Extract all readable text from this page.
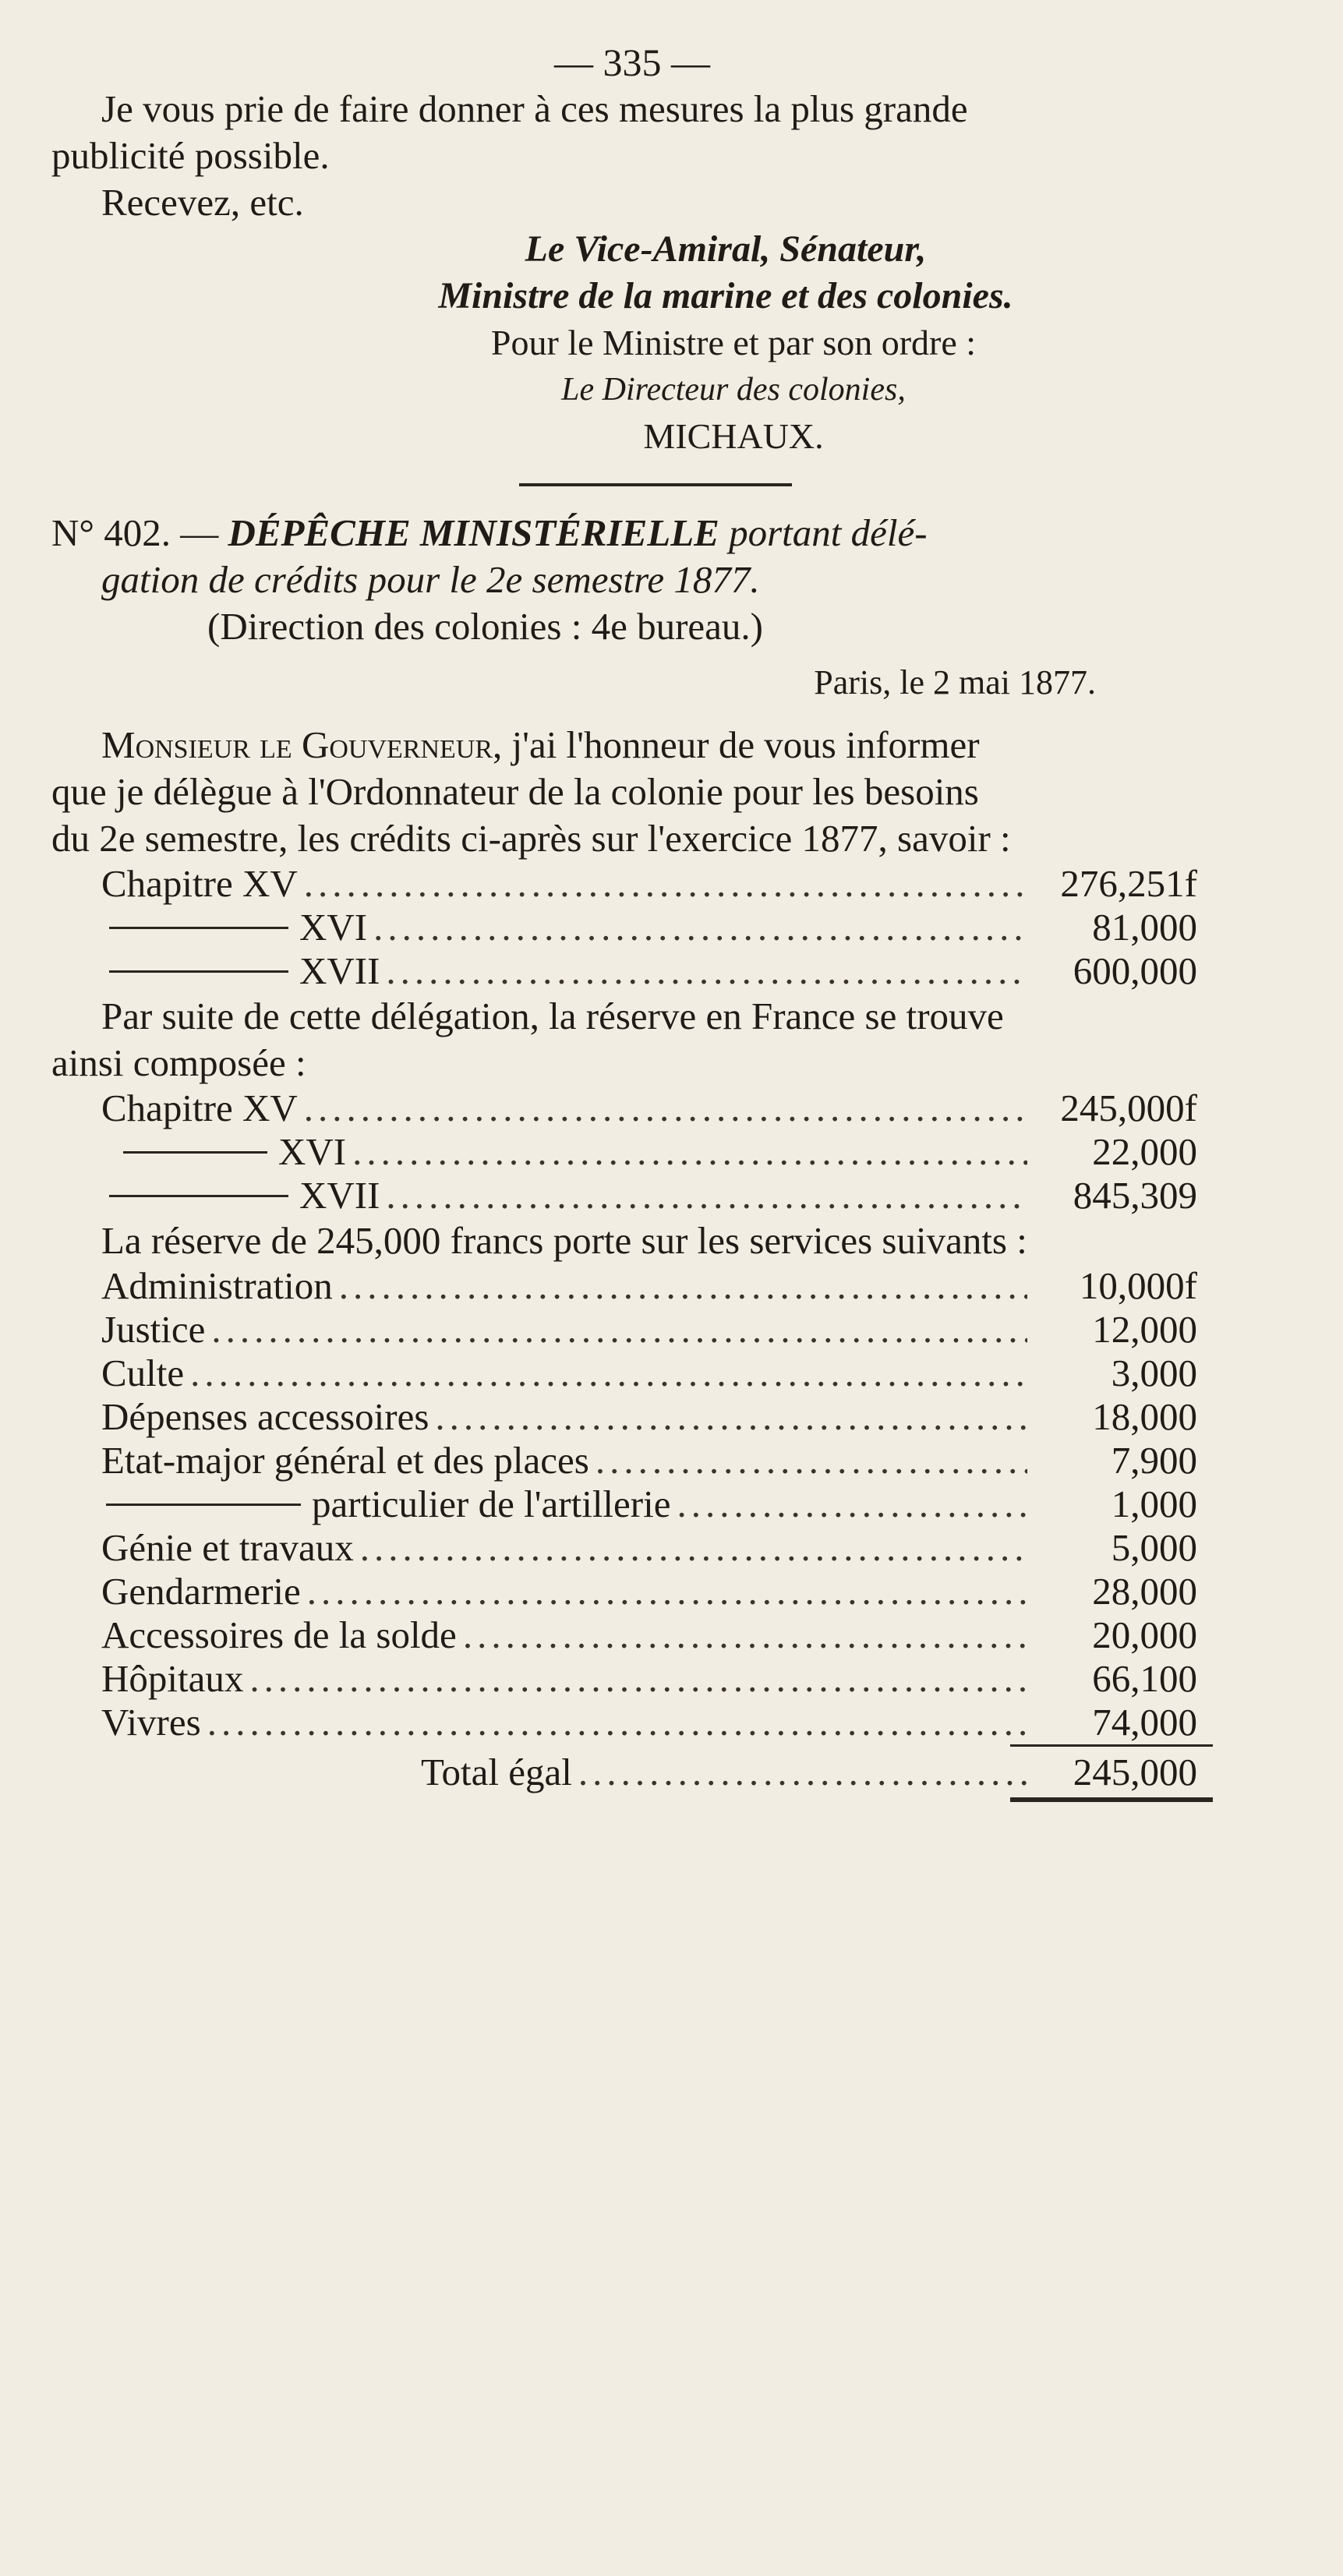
— 335 —
Je vous prie de faire donner à ces mesures la plus grande
publicité possible.
Recevez, etc.
Le Vice-Amiral, Sénateur,
Ministre de la marine et des colonies.
Pour le Ministre et par son ordre :
Le Directeur des colonies,
MICHAUX.
N° 402. — DÉPÊCHE MINISTÉRIELLE portant délé-
gation de crédits pour le 2e semestre 1877.
(Direction des colonies : 4e bureau.)
Paris, le 2 mai 1877.
Monsieur le Gouverneur, j'ai l'honneur de vous informer
que je délègue à l'Ordonnateur de la colonie pour les besoins
du 2e semestre, les crédits ci-après sur l'exercice 1877, savoir :
Chapitre XV .....	276,251f
XVI .....	81,000
XVII .....	600,000
Par suite de cette délégation, la réserve en France se trouve
ainsi composée :
Chapitre XV .....	245,000f
XVI .....	22,000
XVII .....	845,309
La réserve de 245,000 francs porte sur les services suivants :
Administration .....	10,000f
Justice .....	12,000
Culte .....	3,000
Dépenses accessoires .....	18,000
Etat-major général et des places .....	7,900
particulier de l'artillerie .....	1,000
Génie et travaux .....	5,000
Gendarmerie .....	28,000
Accessoires de la solde .....	20,000
Hôpitaux .....	66,100
Vivres .....	74,000
Total égal .....	245,000
